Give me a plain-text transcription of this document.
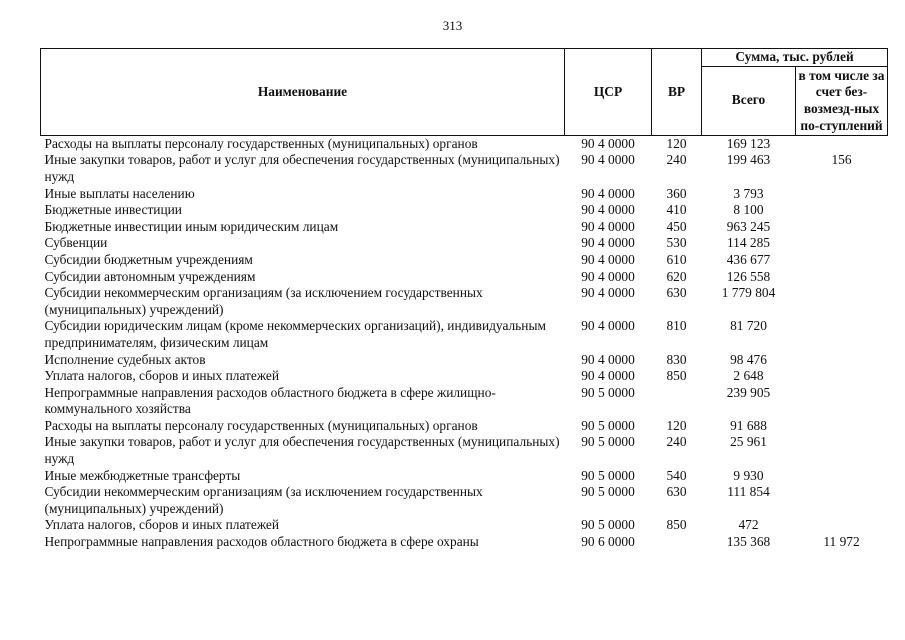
313
Наименование	ЦСР	ВР	Сумма, тыс. рублей	
			Всего	в том числе за счет без-возмезд-ных по-ступлений
Расходы на выплаты персоналу государственных (муниципальных) органов	90 4 0000	120	169 123	
Иные закупки товаров, работ и услуг для обеспечения государственных (муниципальных) нужд	90 4 0000	240	199 463	156
Иные выплаты населению	90 4 0000	360	3 793	
Бюджетные инвестиции	90 4 0000	410	8 100	
Бюджетные инвестиции иным юридическим лицам	90 4 0000	450	963 245	
Субвенции	90 4 0000	530	114 285	
Субсидии бюджетным учреждениям	90 4 0000	610	436 677	
Субсидии автономным учреждениям	90 4 0000	620	126 558	
Субсидии некоммерческим организациям (за исключением государственных (муниципальных) учреждений)	90 4 0000	630	1 779 804	
Субсидии юридическим лицам (кроме некоммерческих организаций), индивидуальным предпринимателям, физическим лицам	90 4 0000	810	81 720	
Исполнение судебных актов	90 4 0000	830	98 476	
Уплата налогов, сборов и иных платежей	90 4 0000	850	2 648	
Непрограммные направления расходов областного бюджета в сфере жилищно-коммунального хозяйства	90 5 0000		239 905	
Расходы на выплаты персоналу государственных (муниципальных) органов	90 5 0000	120	91 688	
Иные закупки товаров, работ и услуг для обеспечения государственных (муниципальных) нужд	90 5 0000	240	25 961	
Иные межбюджетные трансферты	90 5 0000	540	9 930	
Субсидии некоммерческим организациям (за исключением государственных (муниципальных) учреждений)	90 5 0000	630	111 854	
Уплата налогов, сборов и иных платежей	90 5 0000	850	472	
Непрограммные направления расходов областного бюджета в сфере охраны	90 6 0000		135 368	11 972
